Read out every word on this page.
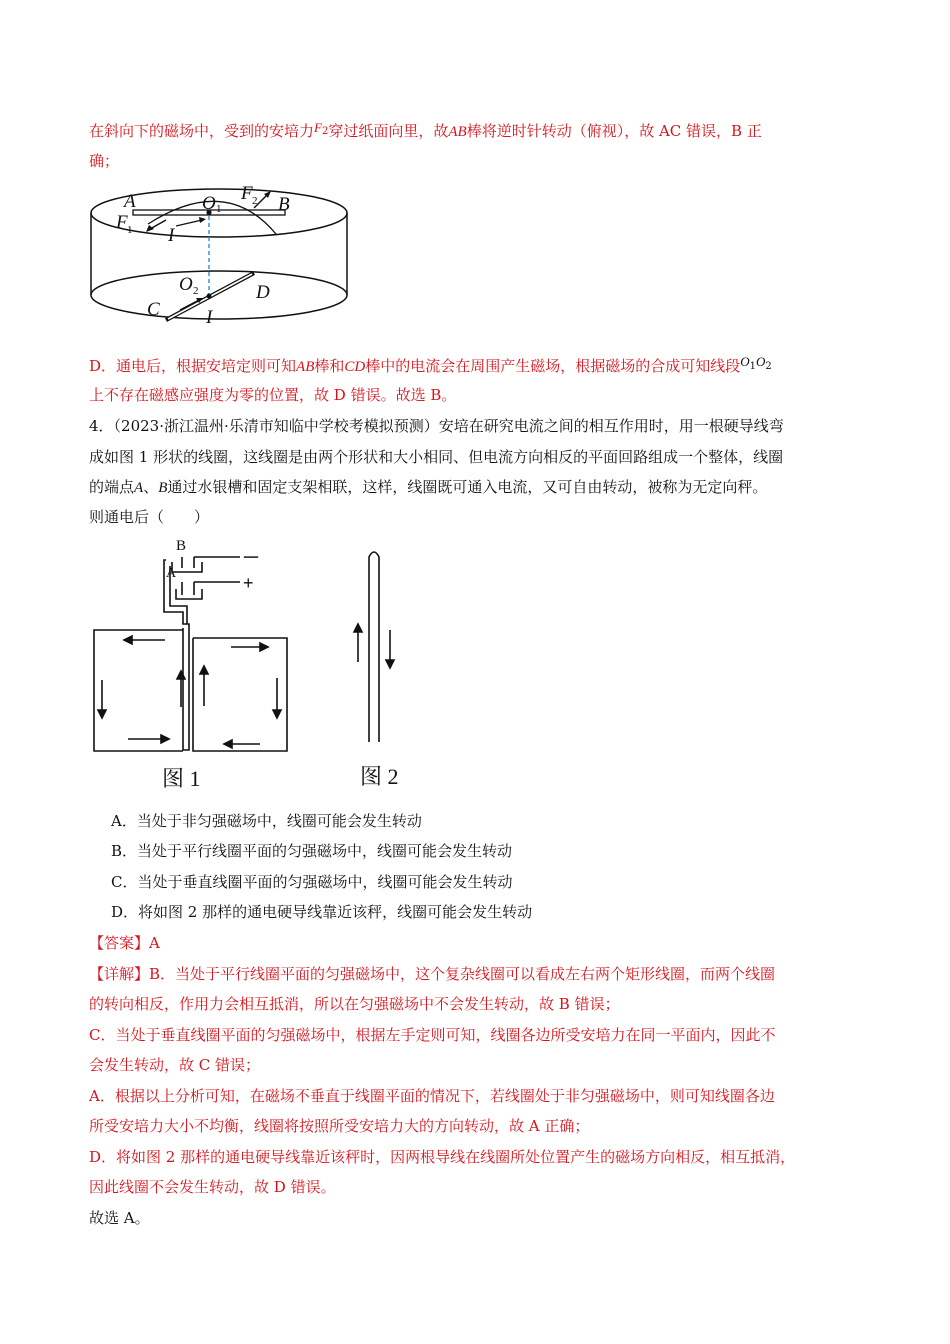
在斜向下的磁场中，受到的安培力$F^2$穿过纸面向里，故AB棒将逆时针转动（俯视），故 AC 错误，B 正
确；
A	B
O 1
F 2
F 1 I
O 2
C
D
I
D．通电后，根据安培定则可知AB棒和CD棒中的电流会在周围产生磁场，根据磁场的合成可知线段$O^1O^2$
上不存在磁感应强度为零的位置，故 D 错误。故选 B。
4．（2023·浙江温州·乐清市知临中学校考模拟预测）安培在研究电流之间的相互作用时，用一根硬导线弯
成如图 1 形状的线圈，这线圈是由两个形状和大小相同、但电流方向相反的平面回路组成一个整体，线圈
的端点A、B通过水银槽和固定支架相联，这样，线圈既可通入电流，又可自由转动，被称为无定向秤。
则通电后（　　）
B
A
－
+
图 1	图 2
A．当处于非匀强磁场中，线圈可能会发生转动
B．当处于平行线圈平面的匀强磁场中，线圈可能会发生转动
C．当处于垂直线圈平面的匀强磁场中，线圈可能会发生转动
D．将如图 2 那样的通电硬导线靠近该秤，线圈可能会发生转动
【答案】A
【详解】B．当处于平行线圈平面的匀强磁场中，这个复杂线圈可以看成左右两个矩形线圈，而两个线圈
的转向相反，作用力会相互抵消，所以在匀强磁场中不会发生转动，故 B 错误；
C．当处于垂直线圈平面的匀强磁场中，根据左手定则可知，线圈各边所受安培力在同一平面内，因此不
会发生转动，故 C 错误；
A．根据以上分析可知，在磁场不垂直于线圈平面的情况下，若线圈处于非匀强磁场中，则可知线圈各边
所受安培力大小不均衡，线圈将按照所受安培力大的方向转动，故 A 正确；
D．将如图 2 那样的通电硬导线靠近该秤时，因两根导线在线圈所处位置产生的磁场方向相反，相互抵消，
因此线圈不会发生转动，故 D 错误。
故选 A。
